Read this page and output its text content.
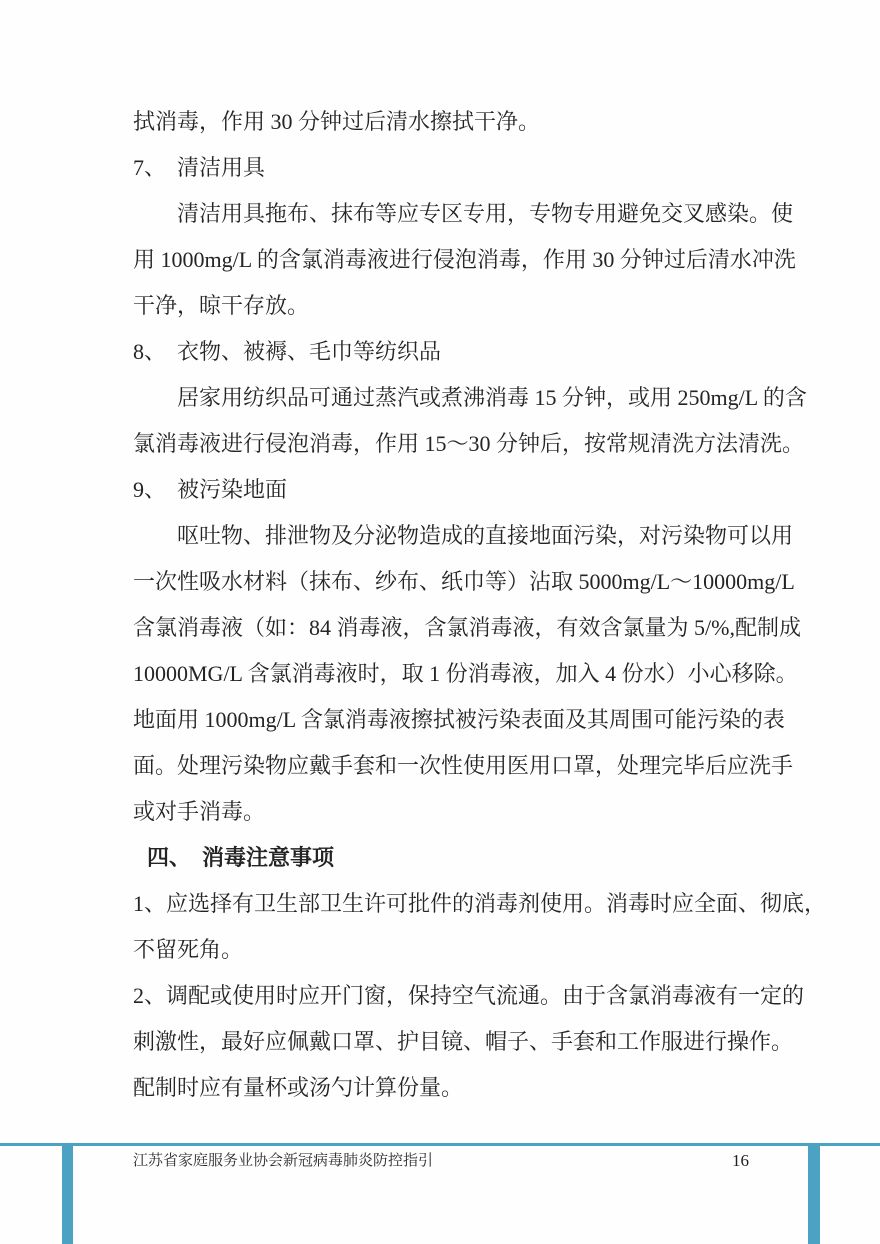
拭消毒，作用 30 分钟过后清水擦拭干净。
7、　清洁用具
清洁用具拖布、抹布等应专区专用，专物专用避免交叉感染。使
用 1000mg/L 的含氯消毒液进行侵泡消毒，作用 30 分钟过后清水冲洗
干净，晾干存放。
8、　衣物、被褥、毛巾等纺织品
居家用纺织品可通过蒸汽或煮沸消毒 15 分钟，或用 250mg/L 的含
氯消毒液进行侵泡消毒，作用 15～30 分钟后，按常规清洗方法清洗。
9、　被污染地面
呕吐物、排泄物及分泌物造成的直接地面污染，对污染物可以用
一次性吸水材料（抹布、纱布、纸巾等）沾取 5000mg/L～10000mg/L
含氯消毒液（如：84 消毒液，含氯消毒液，有效含氯量为 5/%,配制成
10000MG/L 含氯消毒液时，取 1 份消毒液，加入 4 份水）小心移除。
地面用 1000mg/L 含氯消毒液擦拭被污染表面及其周围可能污染的表
面。处理污染物应戴手套和一次性使用医用口罩，处理完毕后应洗手
或对手消毒。
四、　消毒注意事项
1、应选择有卫生部卫生许可批件的消毒剂使用。消毒时应全面、彻底，
不留死角。
2、调配或使用时应开门窗，保持空气流通。由于含氯消毒液有一定的
刺激性，最好应佩戴口罩、护目镜、帽子、手套和工作服进行操作。
配制时应有量杯或汤勺计算份量。
江苏省家庭服务业协会新冠病毒肺炎防控指引	16
